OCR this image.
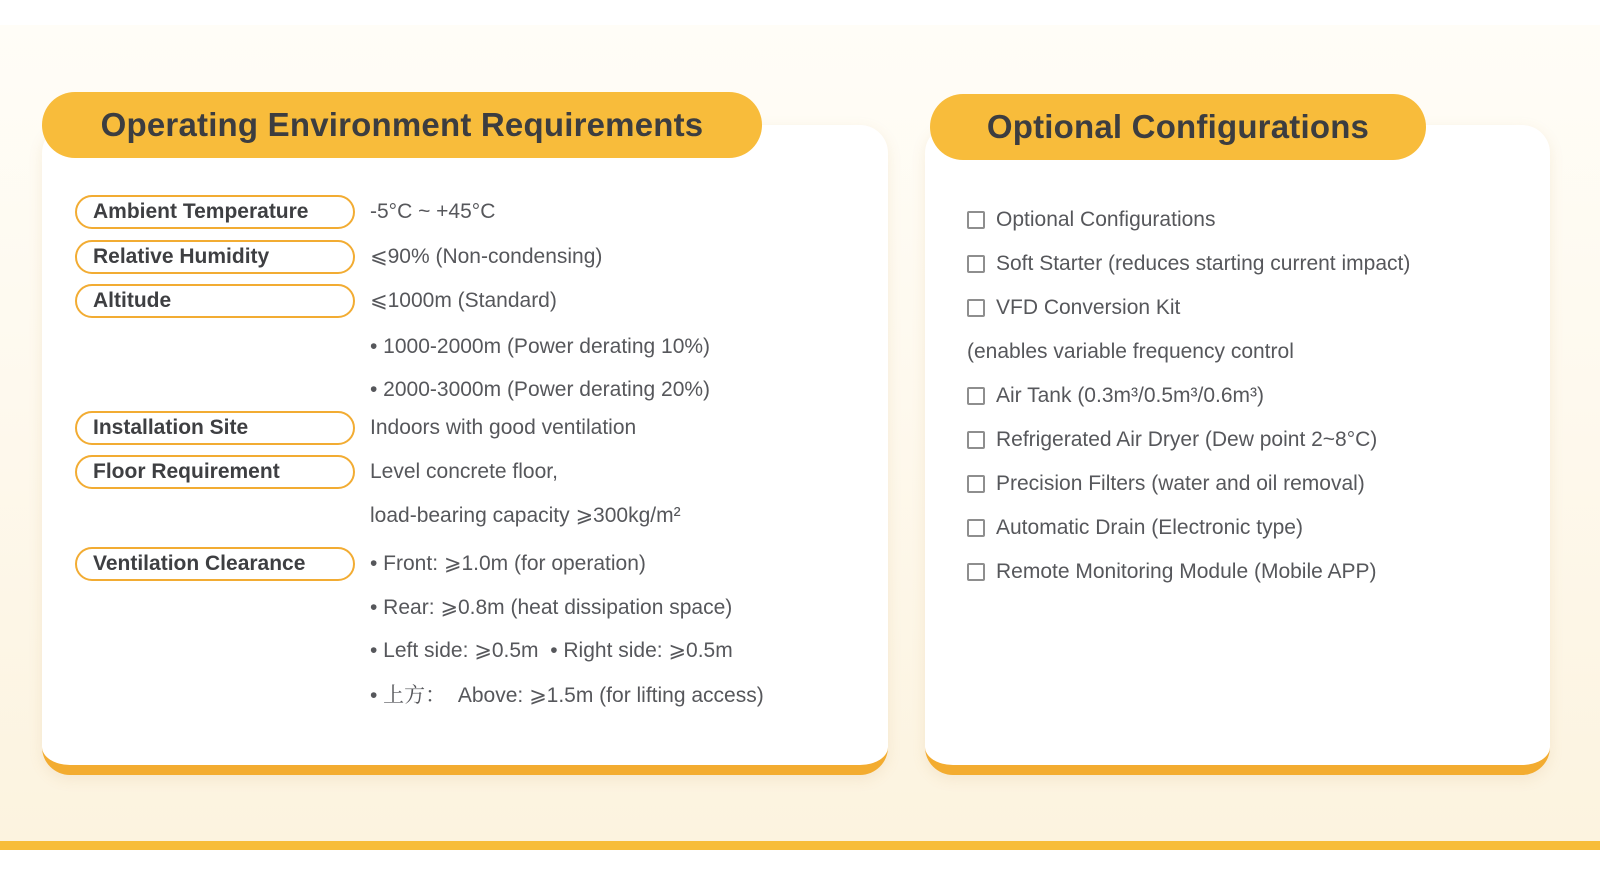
Ambient Temperature
Relative Humidity
Altitude
Installation Site
Floor Requirement
Ventilation Clearance
-5°C ~ +45°C
⩽90% (Non-condensing)
⩽1000m (Standard)
• 1000-2000m (Power derating 10%)
• 2000-3000m (Power derating 20%)
Indoors with good ventilation
Level concrete floor,
load-bearing capacity ⩾300kg/m²
• Front: ⩾1.0m (for operation)
• Rear: ⩾0.8m (heat dissipation space)
• Left side: ⩾0.5m  • Right side: ⩾0.5m
• 上方：  Above: ⩾1.5m (for lifting access)
Operating Environment Requirements
Optional Configurations
Soft Starter (reduces starting current impact)
VFD Conversion Kit
(enables variable frequency control
Air Tank (0.3m³/0.5m³/0.6m³)
Refrigerated Air Dryer (Dew point 2~8°C)
Precision Filters (water and oil removal)
Automatic Drain (Electronic type)
Remote Monitoring Module (Mobile APP)
Optional Configurations
